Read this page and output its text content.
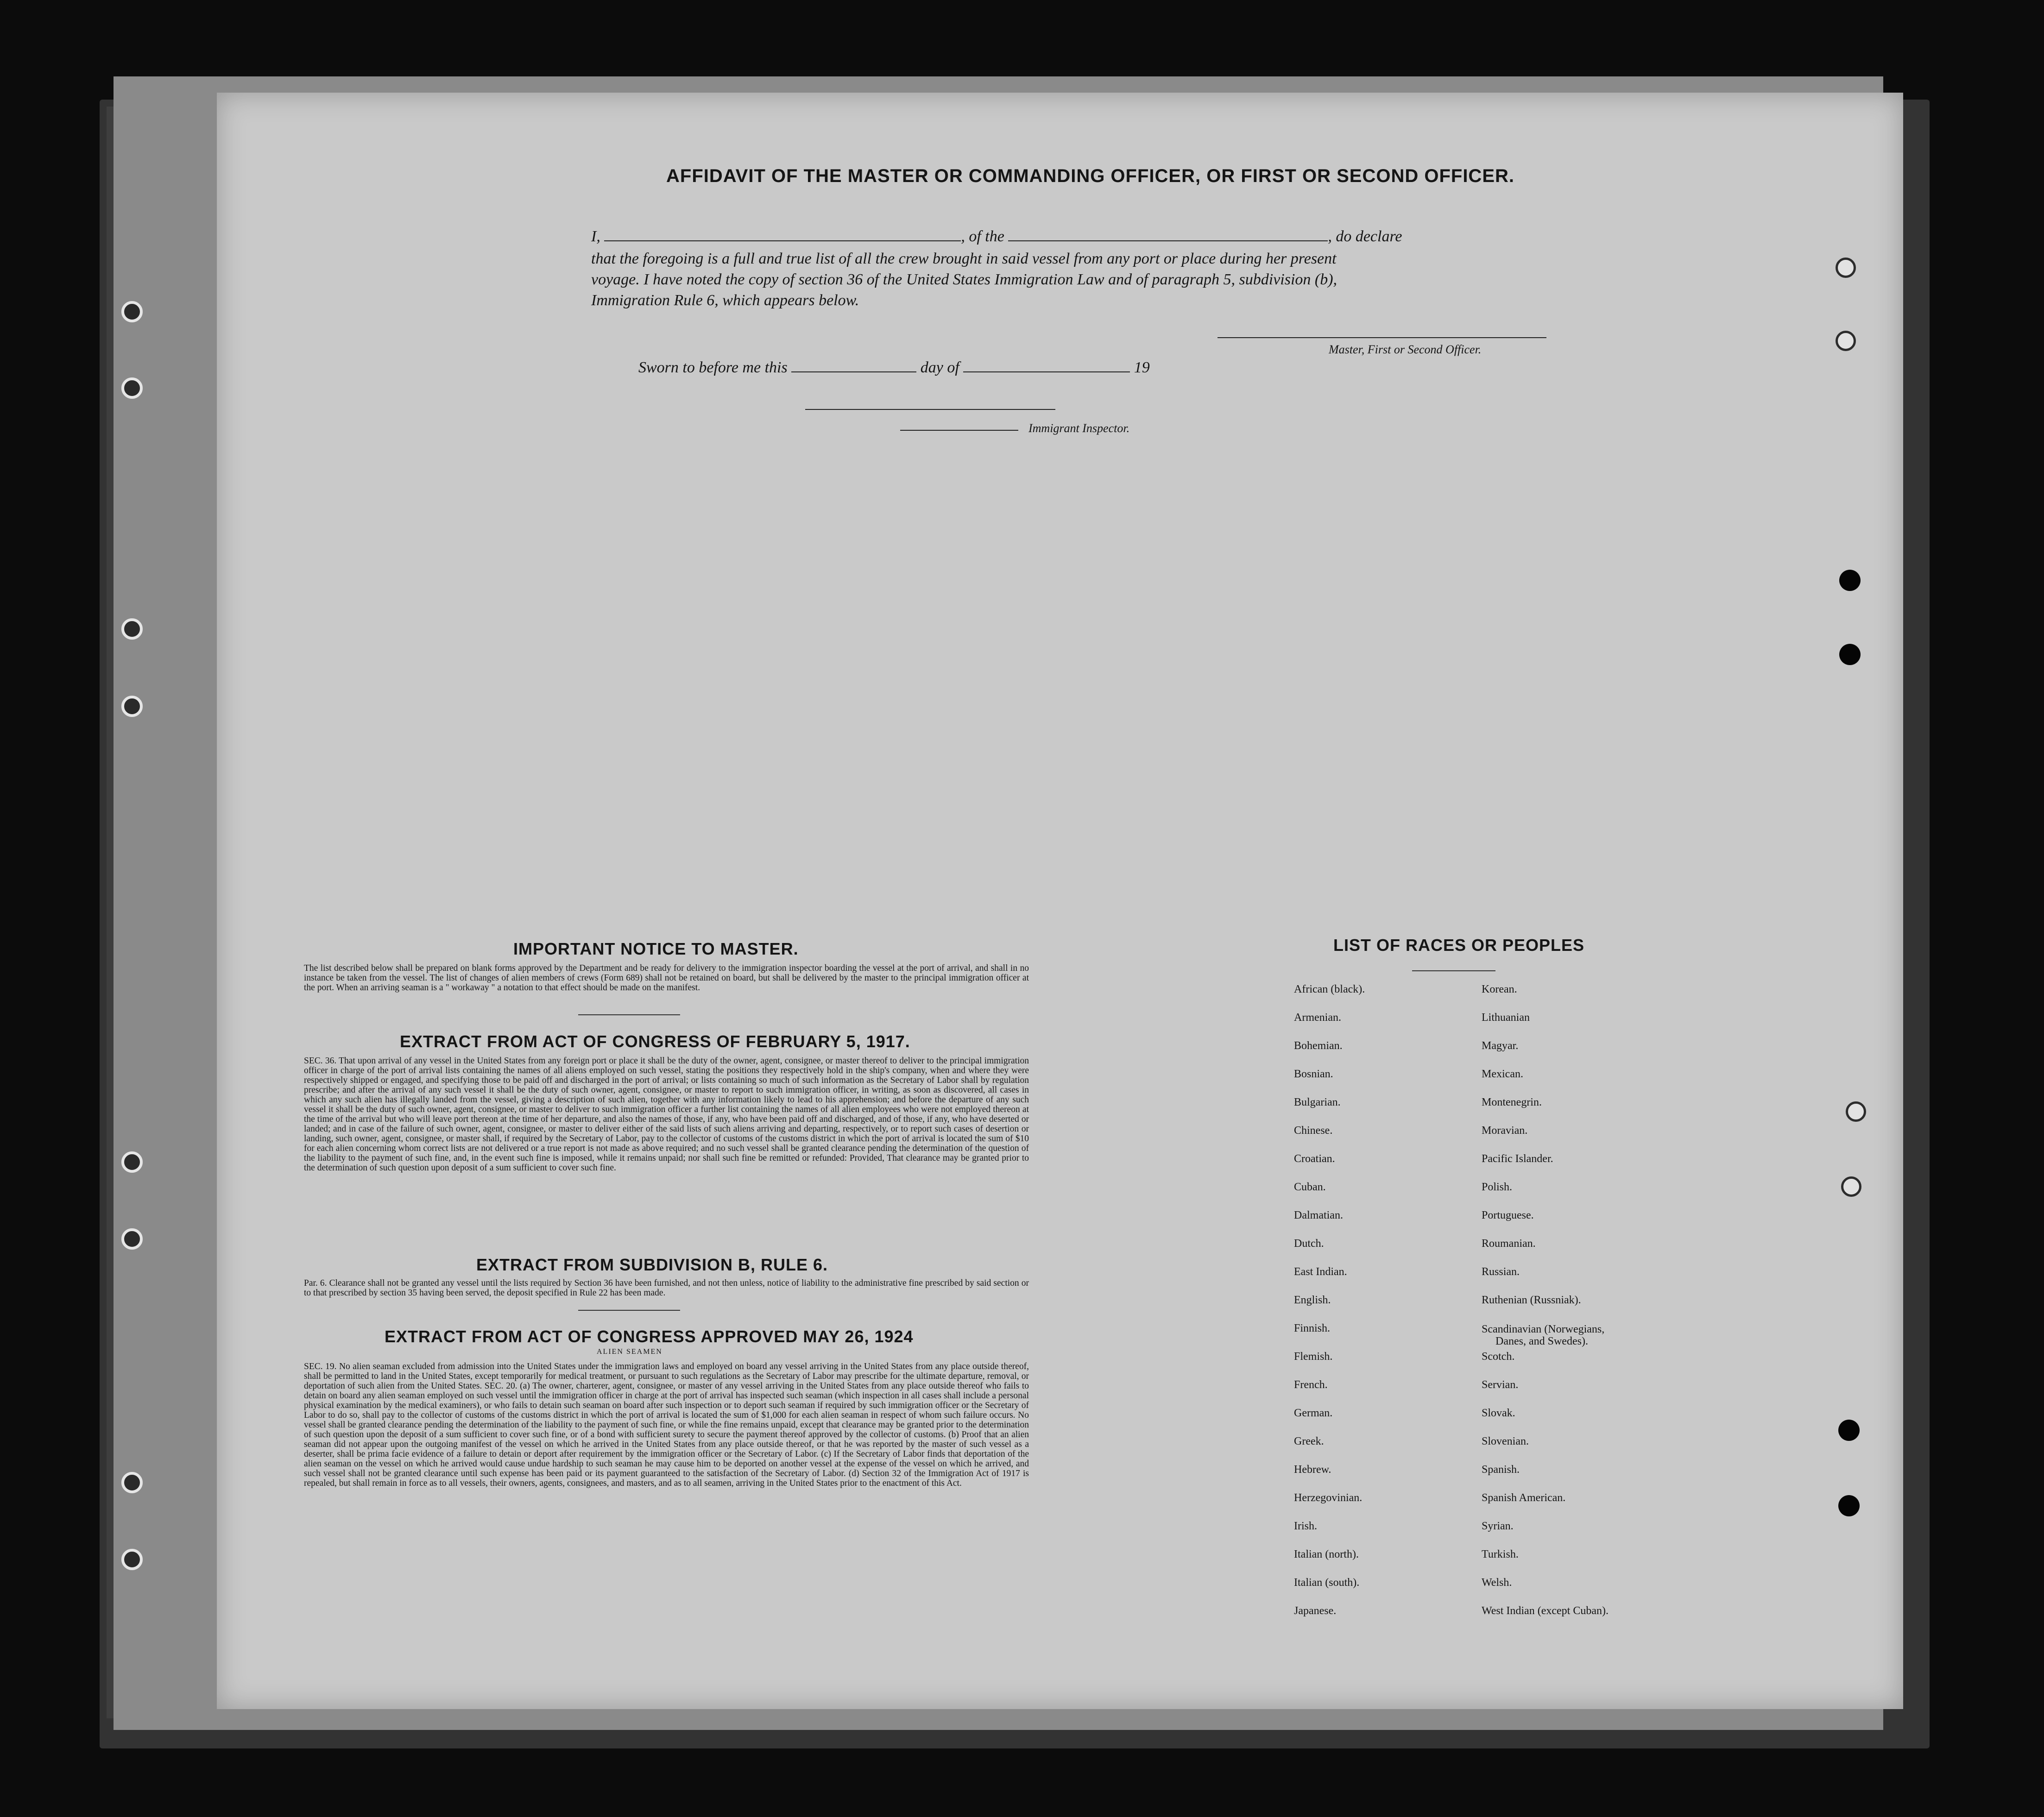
AFFIDAVIT OF THE MASTER OR COMMANDING OFFICER, OR FIRST OR SECOND OFFICER.
I,	, of the	, do declare
that the foregoing is a full and true list of all the crew brought in said vessel from any port or place during her present
voyage. I have noted the copy of section 36 of the United States Immigration Law and of paragraph 5, subdivision (b),
Immigration Rule 6, which appears below.
Master, First or Second Officer.
Sworn to before me this	day of	19
Immigrant Inspector.
IMPORTANT NOTICE TO MASTER.
The list described below shall be prepared on blank forms approved by the Department and be ready for delivery to the immigration inspector boarding the vessel at the port of arrival, and shall in no instance be taken from the vessel. The list of changes of alien members of crews (Form 689) shall not be retained on board, but shall be delivered by the master to the principal immigration officer at the port. When an arriving seaman is a " workaway " a notation to that effect should be made on the manifest.
EXTRACT FROM ACT OF CONGRESS OF FEBRUARY 5, 1917.
SEC. 36. That upon arrival of any vessel in the United States from any foreign port or place it shall be the duty of the owner, agent, consignee, or master thereof to deliver to the principal immigration officer in charge of the port of arrival lists containing the names of all aliens employed on such vessel, stating the positions they respectively hold in the ship's company, when and where they were respectively shipped or engaged, and specifying those to be paid off and discharged in the port of arrival; or lists containing so much of such information as the Secretary of Labor shall by regulation prescribe; and after the arrival of any such vessel it shall be the duty of such owner, agent, consignee, or master to report to such immigration officer, in writing, as soon as discovered, all cases in which any such alien has illegally landed from the vessel, giving a description of such alien, together with any information likely to lead to his apprehension; and before the departure of any such vessel it shall be the duty of such owner, agent, consignee, or master to deliver to such immigration officer a further list containing the names of all alien employees who were not employed thereon at the time of the arrival but who will leave port thereon at the time of her departure, and also the names of those, if any, who have been paid off and discharged, and of those, if any, who have deserted or landed; and in case of the failure of such owner, agent, consignee, or master to deliver either of the said lists of such aliens arriving and departing, respectively, or to report such cases of desertion or landing, such owner, agent, consignee, or master shall, if required by the Secretary of Labor, pay to the collector of customs of the customs district in which the port of arrival is located the sum of $10 for each alien concerning whom correct lists are not delivered or a true report is not made as above required; and no such vessel shall be granted clearance pending the determination of the question of the liability to the payment of such fine, and, in the event such fine is imposed, while it remains unpaid; nor shall such fine be remitted or refunded: Provided, That clearance may be granted prior to the determination of such question upon deposit of a sum sufficient to cover such fine.
EXTRACT FROM SUBDIVISION B, RULE 6.
Par. 6. Clearance shall not be granted any vessel until the lists required by Section 36 have been furnished, and not then unless, notice of liability to the administrative fine prescribed by said section or to that prescribed by section 35 having been served, the deposit specified in Rule 22 has been made.
EXTRACT FROM ACT OF CONGRESS APPROVED MAY 26, 1924
ALIEN SEAMEN
SEC. 19. No alien seaman excluded from admission into the United States under the immigration laws and employed on board any vessel arriving in the United States from any place outside thereof, shall be permitted to land in the United States, except temporarily for medical treatment, or pursuant to such regulations as the Secretary of Labor may prescribe for the ultimate departure, removal, or deportation of such alien from the United States. SEC. 20. (a) The owner, charterer, agent, consignee, or master of any vessel arriving in the United States from any place outside thereof who fails to detain on board any alien seaman employed on such vessel until the immigration officer in charge at the port of arrival has inspected such seaman (which inspection in all cases shall include a personal physical examination by the medical examiners), or who fails to detain such seaman on board after such inspection or to deport such seaman if required by such immigration officer or the Secretary of Labor to do so, shall pay to the collector of customs of the customs district in which the port of arrival is located the sum of $1,000 for each alien seaman in respect of whom such failure occurs. No vessel shall be granted clearance pending the determination of the liability to the payment of such fine, or while the fine remains unpaid, except that clearance may be granted prior to the determination of such question upon the deposit of a sum sufficient to cover such fine, or of a bond with sufficient surety to secure the payment thereof approved by the collector of customs. (b) Proof that an alien seaman did not appear upon the outgoing manifest of the vessel on which he arrived in the United States from any place outside thereof, or that he was reported by the master of such vessel as a deserter, shall be prima facie evidence of a failure to detain or deport after requirement by the immigration officer or the Secretary of Labor. (c) If the Secretary of Labor finds that deportation of the alien seaman on the vessel on which he arrived would cause undue hardship to such seaman he may cause him to be deported on another vessel at the expense of the vessel on which he arrived, and such vessel shall not be granted clearance until such expense has been paid or its payment guaranteed to the satisfaction of the Secretary of Labor. (d) Section 32 of the Immigration Act of 1917 is repealed, but shall remain in force as to all vessels, their owners, agents, consignees, and masters, and as to all seamen, arriving in the United States prior to the enactment of this Act.
LIST OF RACES OR PEOPLES
African (black).
Armenian.
Bohemian.
Bosnian.
Bulgarian.
Chinese.
Croatian.
Cuban.
Dalmatian.
Dutch.
East Indian.
English.
Finnish.
Flemish.
French.
German.
Greek.
Hebrew.
Herzegovinian.
Irish.
Italian (north).
Italian (south).
Japanese.
Korean.
Lithuanian
Magyar.
Mexican.
Montenegrin.
Moravian.
Pacific Islander.
Polish.
Portuguese.
Roumanian.
Russian.
Ruthenian (Russniak).
Scandinavian (Norwegians,
Danes, and Swedes).
Scotch.
Servian.
Slovak.
Slovenian.
Spanish.
Spanish American.
Syrian.
Turkish.
Welsh.
West Indian (except Cuban).
